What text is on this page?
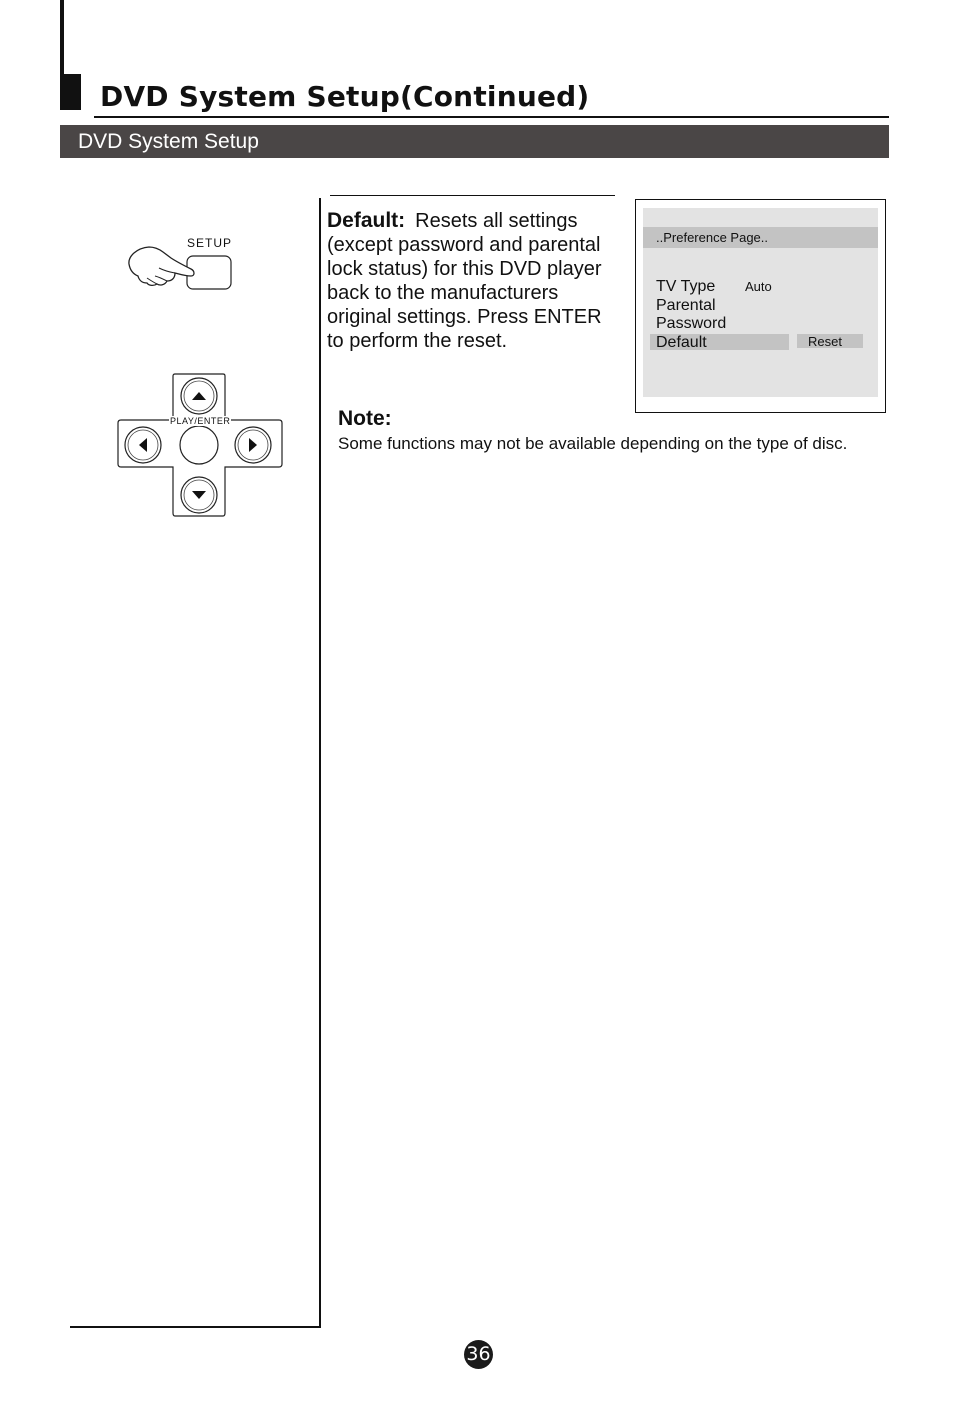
DVD System Setup(Continued)
DVD System Setup
SETUP
PLAY/ENTER
Default: Resets all settings (except password and parental lock status) for this DVD player back to the manufacturers original settings. Press ENTER to perform the reset.
..Preference Page..
TV Type
Parental
Password
Default
Auto
Reset
Note:
Some functions may not be available depending on the type of disc.
36
